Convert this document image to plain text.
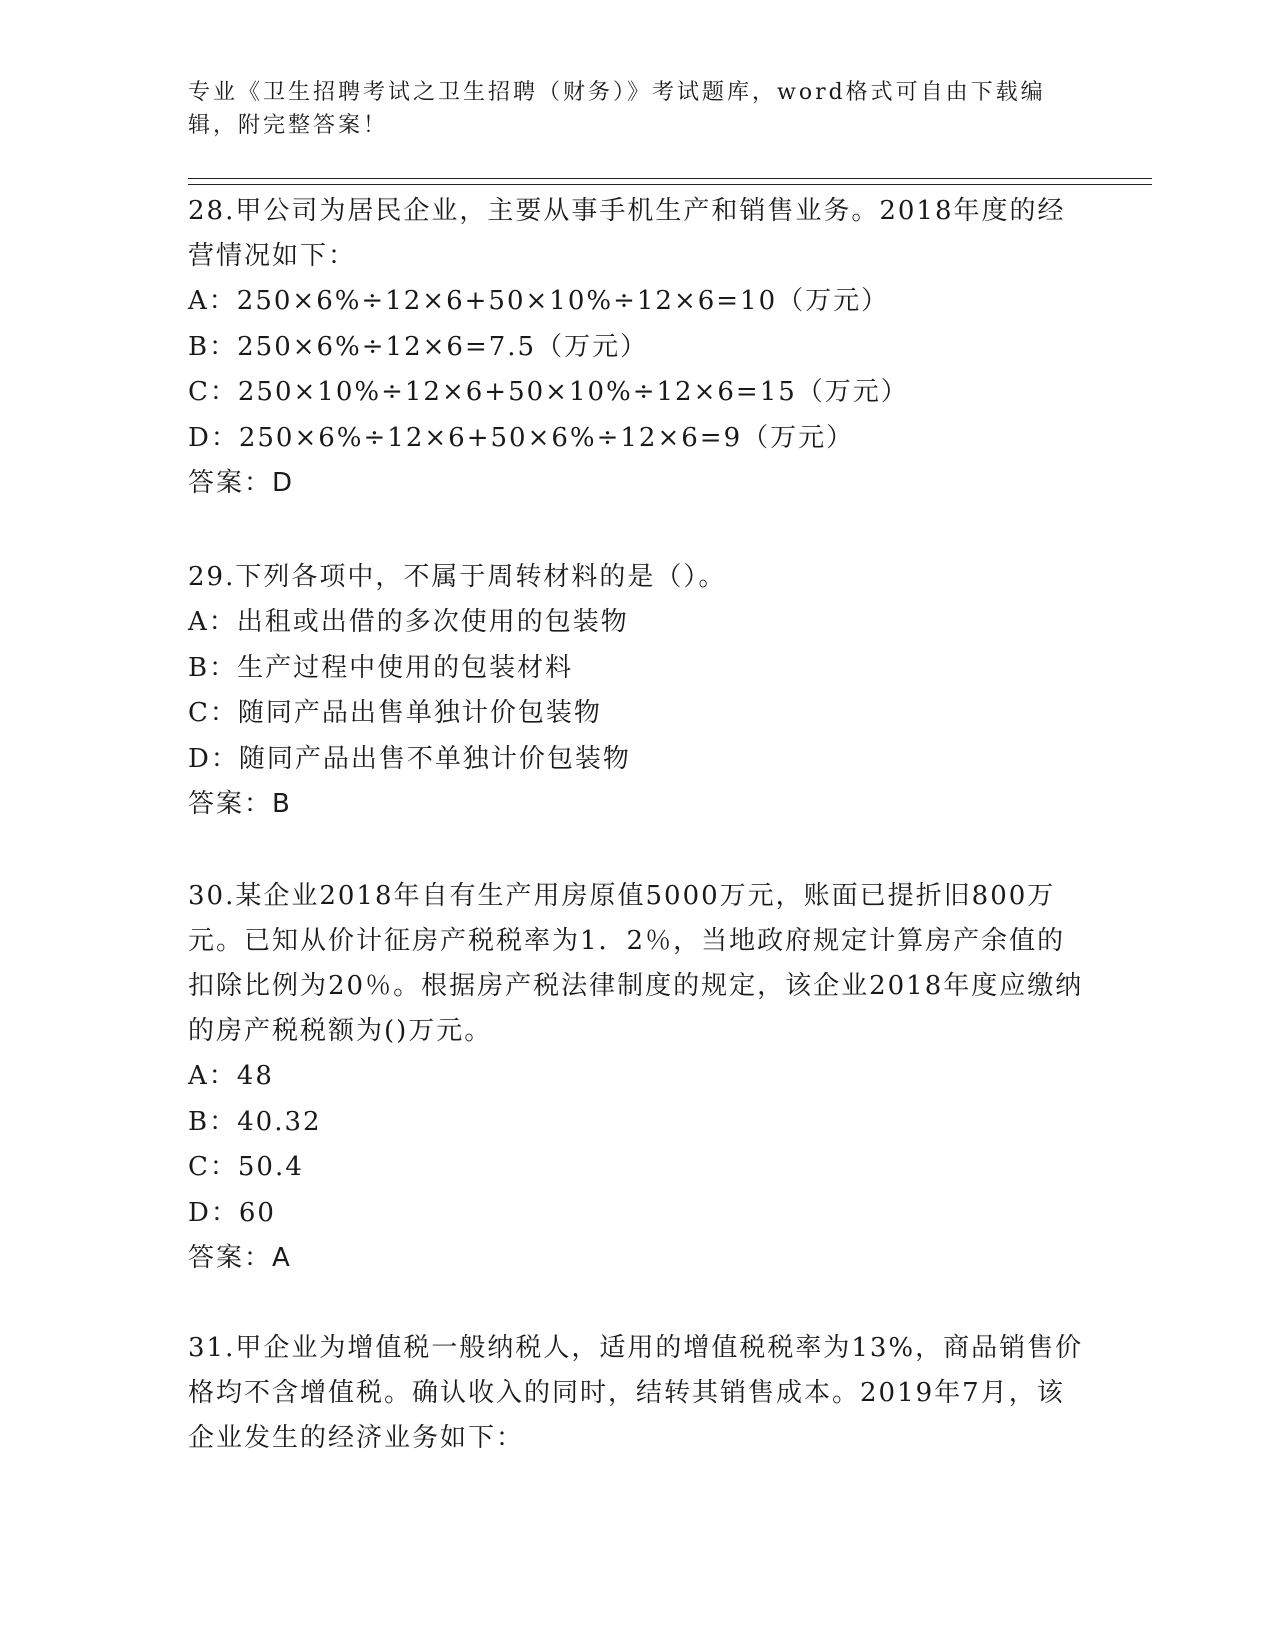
专业《卫生招聘考试之卫生招聘（财务）》考试题库，word格式可自由下载编辑，附完整答案！

28.甲公司为居民企业，主要从事手机生产和销售业务。2018年度的经营情况如下：

A：250×6%÷12×6+50×10%÷12×6=10（万元）

B：250×6%÷12×6=7.5（万元）

C：250×10%÷12×6+50×10%÷12×6=15（万元）

D：250×6%÷12×6+50×6%÷12×6=9（万元）

答案：D

29.下列各项中，不属于周转材料的是（）。

A：出租或出借的多次使用的包装物

B：生产过程中使用的包装材料

C：随同产品出售单独计价包装物

D：随同产品出售不单独计价包装物

答案：B

30.某企业2018年自有生产用房原值5000万元，账面已提折旧800万元。已知从价计征房产税税率为1．2％，当地政府规定计算房产余值的扣除比例为20％。根据房产税法律制度的规定，该企业2018年度应缴纳的房产税税额为()万元。

A：48

B：40.32

C：50.4

D：60

答案：A

31.甲企业为增值税一般纳税人，适用的增值税税率为13%，商品销售价格均不含增值税。确认收入的同时，结转其销售成本。2019年7月，该企业发生的经济业务如下：
